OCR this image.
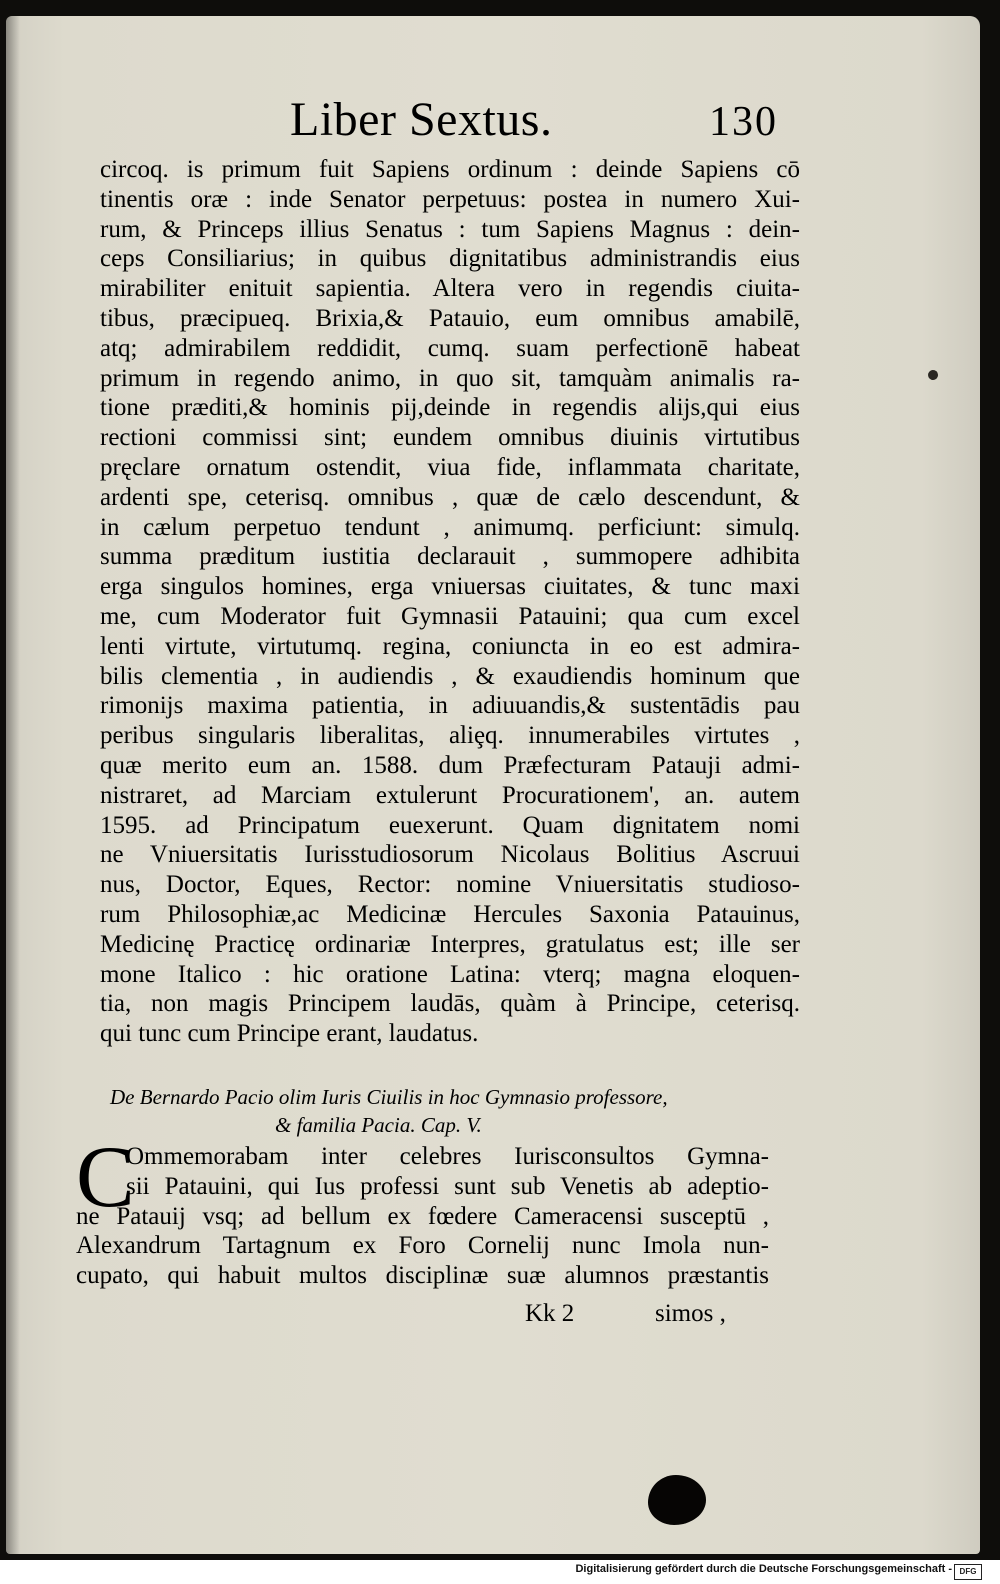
Liber Sextus.	130
circoq. is primum fuit Sapiens ordinum : deinde Sapiens cō
tinentis oræ : inde Senator perpetuus: postea in numero Xui-
rum, & Princeps illius Senatus : tum Sapiens Magnus : dein-
ceps Consiliarius; in quibus dignitatibus administrandis eius
mirabiliter enituit sapientia. Altera vero in regendis ciuita-
tibus, præcipueq. Brixia,& Patauio, eum omnibus amabilē,
atq; admirabilem reddidit, cumq. suam perfectionē habeat
primum in regendo animo, in quo sit, tamquàm animalis ra-
tione præditi,& hominis pij,deinde in regendis alijs,qui eius
rectioni commissi sint; eundem omnibus diuinis virtutibus
pręclare ornatum ostendit, viua fide, inflammata charitate,
ardenti spe, ceterisq. omnibus , quæ de cælo descendunt, &
in cælum perpetuo tendunt , animumq. perficiunt: simulq.
summa præditum iustitia declarauit , summopere adhibita
erga singulos homines, erga vniuersas ciuitates, & tunc maxi
me, cum Moderator fuit Gymnasii Patauini; qua cum excel
lenti virtute, virtutumq. regina, coniuncta in eo est admira-
bilis clementia , in audiendis , & exaudiendis hominum que
rimonijs maxima patientia, in adiuuandis,& sustentādis pau
peribus singularis liberalitas, aliȩq. innumerabiles virtutes ,
quæ merito eum an. 1588. dum Præfecturam Patauji admi-
nistraret, ad Marciam extulerunt Procurationem', an. autem
1595. ad Principatum euexerunt. Quam dignitatem nomi
ne Vniuersitatis Iurisstudiosorum Nicolaus Bolitius Ascruui
nus, Doctor, Eques, Rector: nomine Vniuersitatis studioso-
rum Philosophiæ,ac Medicinæ Hercules Saxonia Patauinus,
Medicinę Practicę ordinariæ Interpres, gratulatus est; ille ser
mone Italico : hic oratione Latina: vterq; magna eloquen-
tia, non magis Principem laudās, quàm à Principe, ceterisq.
qui tunc cum Principe erant, laudatus.
De Bernardo Pacio olim Iuris Ciuilis in hoc Gymnasio professore,
& familia Pacia. Cap. V.
C
Ommemorabam inter celebres Iurisconsultos Gymna-
sii Patauini, qui Ius professi sunt sub Venetis ab adeptio-
ne Patauij vsq; ad bellum ex fœdere Cameracensi susceptū ,
Alexandrum Tartagnum ex Foro Cornelij nunc Imola nun-
cupato, qui habuit multos disciplinæ suæ alumnos præstantis
Kk 2	simos ,
Digitalisierung gefördert durch die Deutsche Forschungsgemeinschaft - DFG
